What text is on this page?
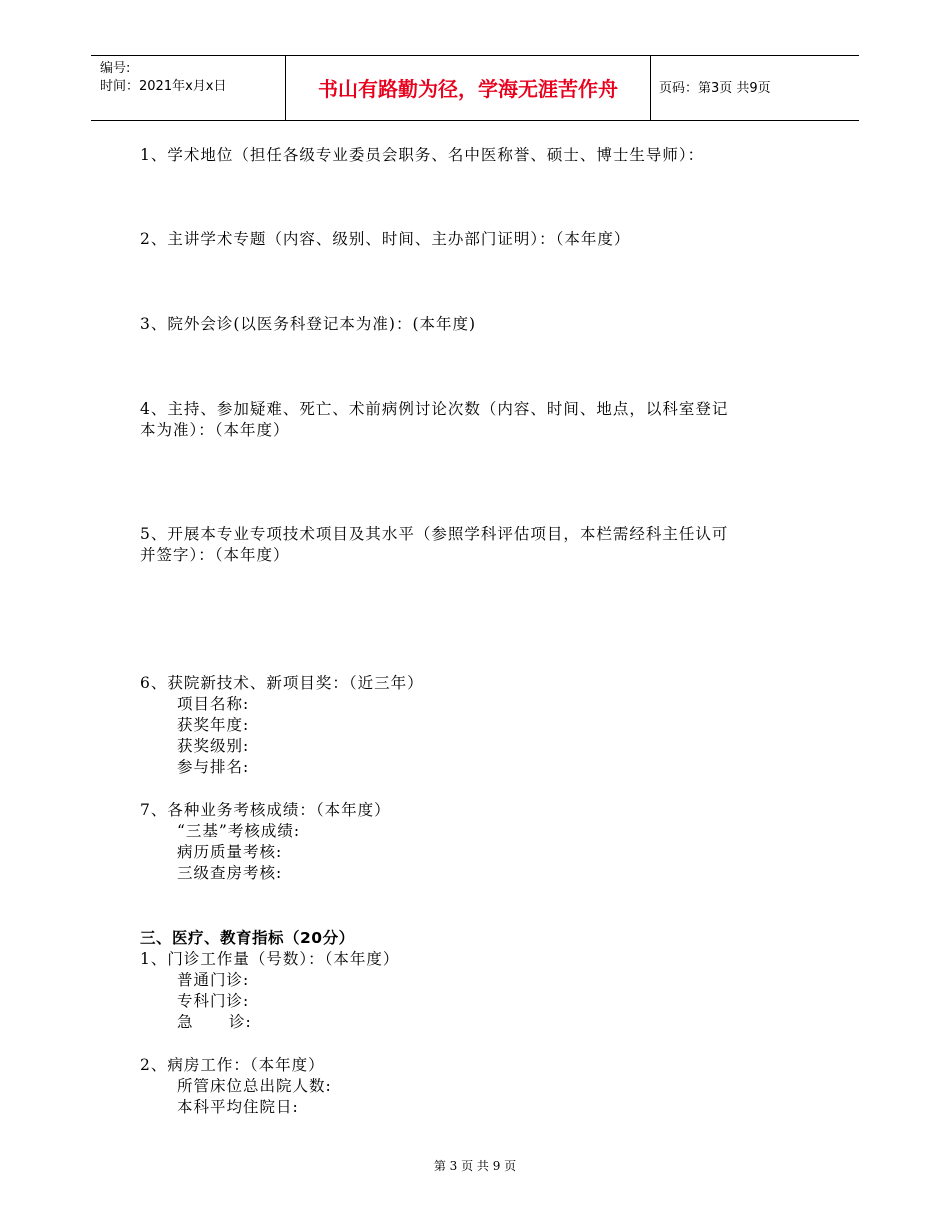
编号:
时间：2021年x月x日	书山有路勤为径，学海无涯苦作舟	页码：第3页 共9页
1、学术地位（担任各级专业委员会职务、名中医称誉、硕士、博士生导师）：
2、主讲学术专题（内容、级别、时间、主办部门证明）：（本年度）
3、院外会诊(以医务科登记本为准)：(本年度)
4、主持、参加疑难、死亡、术前病例讨论次数（内容、时间、地点，以科室登记
本为准）：（本年度）
5、开展本专业专项技术项目及其水平（参照学科评估项目，本栏需经科主任认可
并签字）：（本年度）
6、获院新技术、新项目奖：（近三年）
项目名称:
获奖年度:
获奖级别:
参与排名:
7、各种业务考核成绩：（本年度）
“三基”考核成绩:
病历质量考核:
三级查房考核:
三、医疗、教育指标（20分）
1、门诊工作量（号数）：（本年度）
普通门诊:
专科门诊:
急      诊:
2、病房工作：（本年度）
所管床位总出院人数:
本科平均住院日:
第 3 页 共 9 页
